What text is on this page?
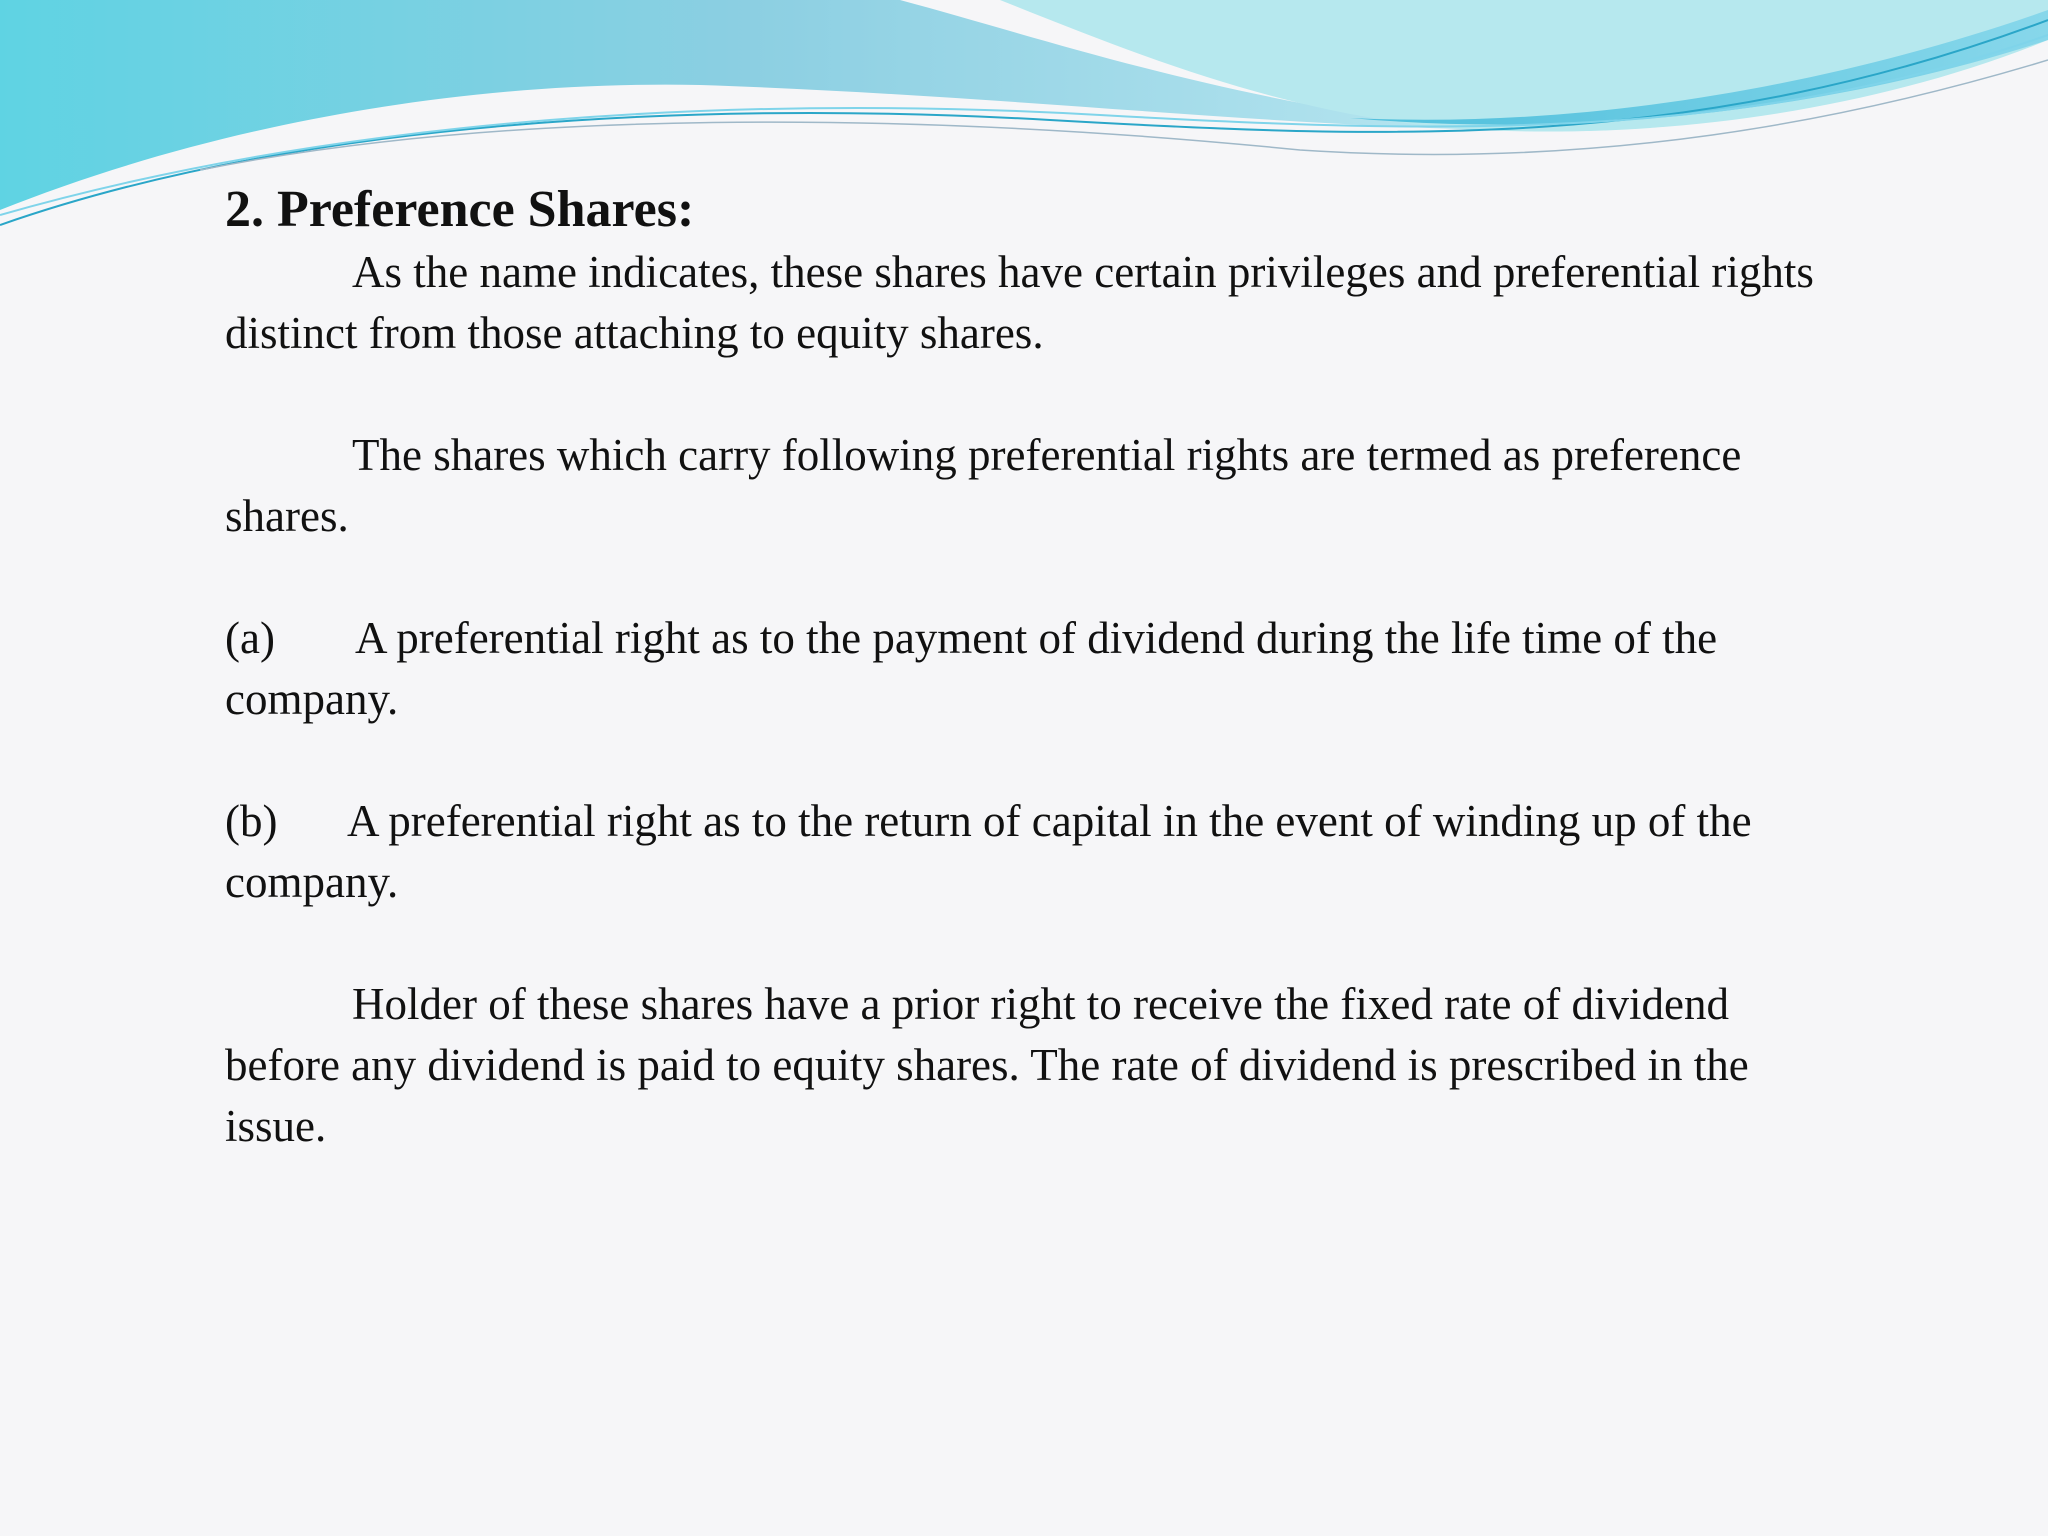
2. Preference Shares:

As the name indicates, these shares have certain privileges and preferential rights distinct from those attaching to equity shares.

The shares which carry following preferential rights are termed as preference shares.

(a) A preferential right as to the payment of dividend during the life time of the company.

(b) A preferential right as to the return of capital in the event of winding up of the company.

Holder of these shares have a prior right to receive the fixed rate of dividend before any dividend is paid to equity shares. The rate of dividend is prescribed in the issue.
